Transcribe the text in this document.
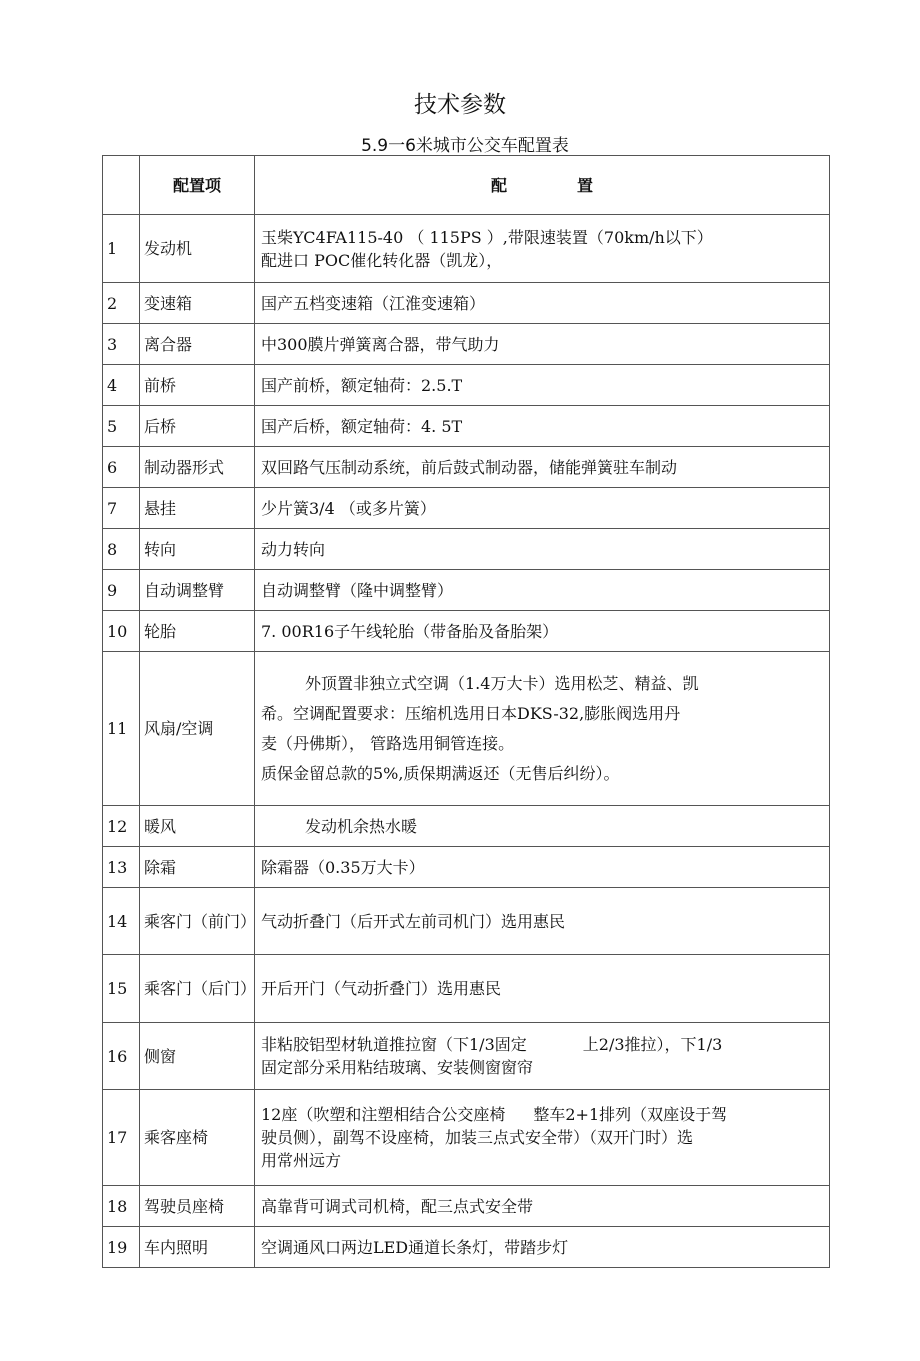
技术参数
5.9一6米城市公交车配置表
	配置项	配 置
1	发动机	玉柴YC4FA115-40 （ 115PS ）,带限速装置（70km/h以下）
配进口 POC催化转化器（凯龙），

2	变速箱	国产五档变速箱（江淮变速箱）
3	离合器	中300膜片弹簧离合器，带气助力
4	前桥	国产前桥，额定轴荷：2.5.T
5	后桥	国产后桥，额定轴荷：4. 5T
6	制动器形式	双回路气压制动系统，前后鼓式制动器，储能弹簧驻车制动
7	悬挂	少片簧3/4 （或多片簧）
8	转向	动力转向
9	自动调整臂	自动调整臂（隆中调整臂）
10	轮胎	7. 00R16子午线轮胎（带备胎及备胎架）
11	风扇/空调	外顶置非独立式空调（1.4万大卡）选用松芝、精益、凯
希。空调配置要求：压缩机选用日本DKS-32,膨胀阀选用丹
麦（丹佛斯）， 管路选用铜管连接。
质保金留总款的5%,质保期满返还（无售后纠纷）。

12	暖风	发动机余热水暖
13	除霜	除霜器（0.35万大卡）
14	乘客门（前门）	气动折叠门（后开式左前司机门）选用惠民
15	乘客门（后门）	开后开门（气动折叠门）选用惠民
16	侧窗	非粘胶铝型材轨道推拉窗（下1/3固定 上2/3推拉），下1/3
固定部分采用粘结玻璃、安装侧窗窗帘

17	乘客座椅	12座（吹塑和注塑相结合公交座椅 整车2+1排列（双座设于驾
驶员侧），副驾不设座椅，加装三点式安全带）（双开门时）选
用常州远方

18	驾驶员座椅	高靠背可调式司机椅，配三点式安全带
19	车内照明	空调通风口两边LED通道长条灯，带踏步灯
